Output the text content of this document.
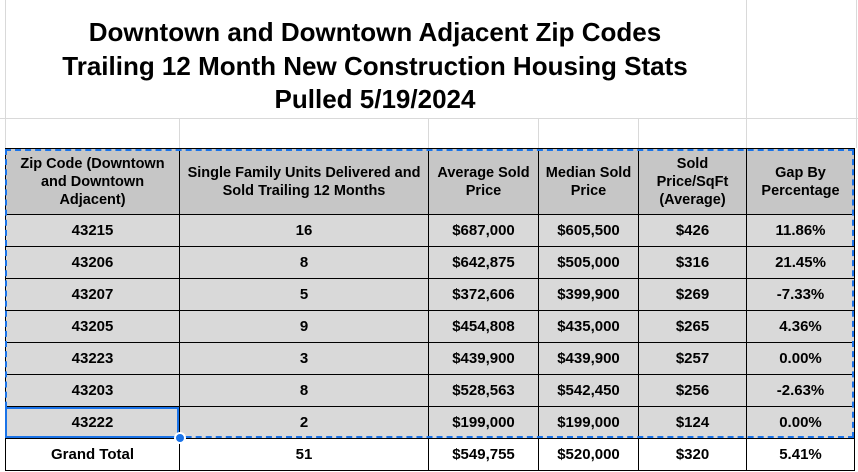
Downtown and Downtown Adjacent Zip Codes
Trailing 12 Month New Construction Housing Stats
Pulled 5/19/2024
Zip Code (Downtown and Downtown Adjacent)	Single Family Units Delivered and Sold Trailing 12 Months	Average Sold Price	Median Sold Price	Sold Price/SqFt (Average)	Gap By Percentage
43215	16	$687,000	$605,500	$426	11.86%
43206	8	$642,875	$505,000	$316	21.45%
43207	5	$372,606	$399,900	$269	-7.33%
43205	9	$454,808	$435,000	$265	4.36%
43223	3	$439,900	$439,900	$257	0.00%
43203	8	$528,563	$542,450	$256	-2.63%
43222	2	$199,000	$199,000	$124	0.00%
Grand Total	51	$549,755	$520,000	$320	5.41%
